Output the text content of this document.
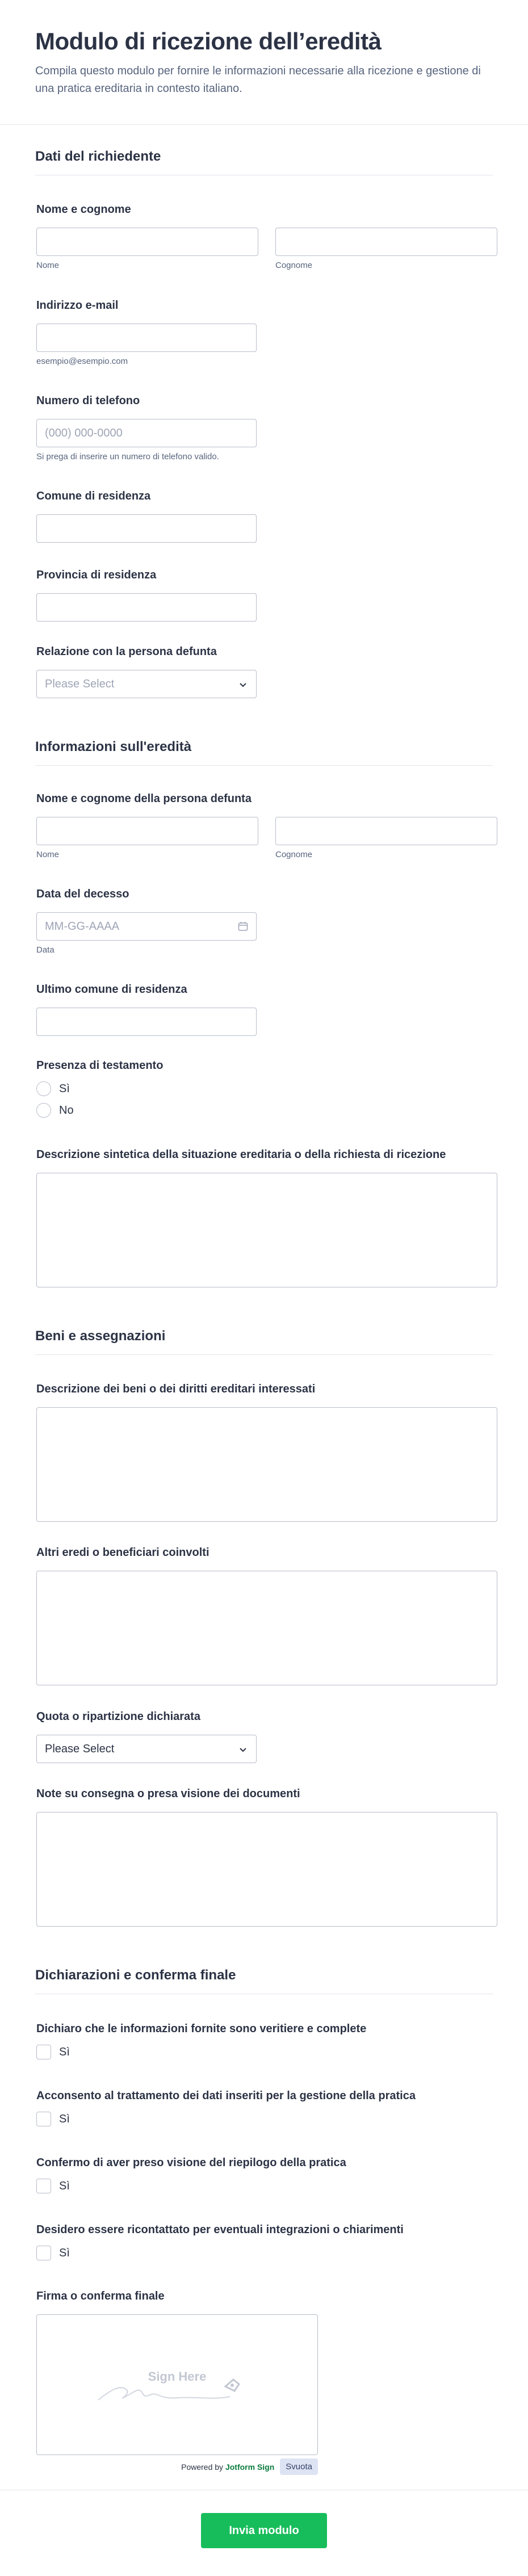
Modulo di ricezione dell’eredità

Compila questo modulo per fornire le informazioni necessarie alla ricezione e gestione di una pratica ereditaria in contesto italiano.

Dati del richiedente
Nome e cognome
Nome	Cognome
Indirizzo e-mail
esempio@esempio.com
Numero di telefono
(000) 000-0000
Si prega di inserire un numero di telefono valido.
Comune di residenza
Provincia di residenza
Relazione con la persona defunta
Please Select
Informazioni sull'eredità
Nome e cognome della persona defunta
Nome	Cognome
Data del decesso
MM-GG-AAAA
Data
Ultimo comune di residenza
Presenza di testamento
Sì
No
Descrizione sintetica della situazione ereditaria o della richiesta di ricezione
Beni e assegnazioni
Descrizione dei beni o dei diritti ereditari interessati
Altri eredi o beneficiari coinvolti
Quota o ripartizione dichiarata
Please Select
Note su consegna o presa visione dei documenti
Dichiarazioni e conferma finale
Dichiaro che le informazioni fornite sono veritiere e complete
Sì
Acconsento al trattamento dei dati inseriti per la gestione della pratica
Sì
Confermo di aver preso visione del riepilogo della pratica
Sì
Desidero essere ricontattato per eventuali integrazioni o chiarimenti
Sì
Firma o conferma finale
Sign Here
Powered by Jotform Sign	Svuota
Invia modulo
